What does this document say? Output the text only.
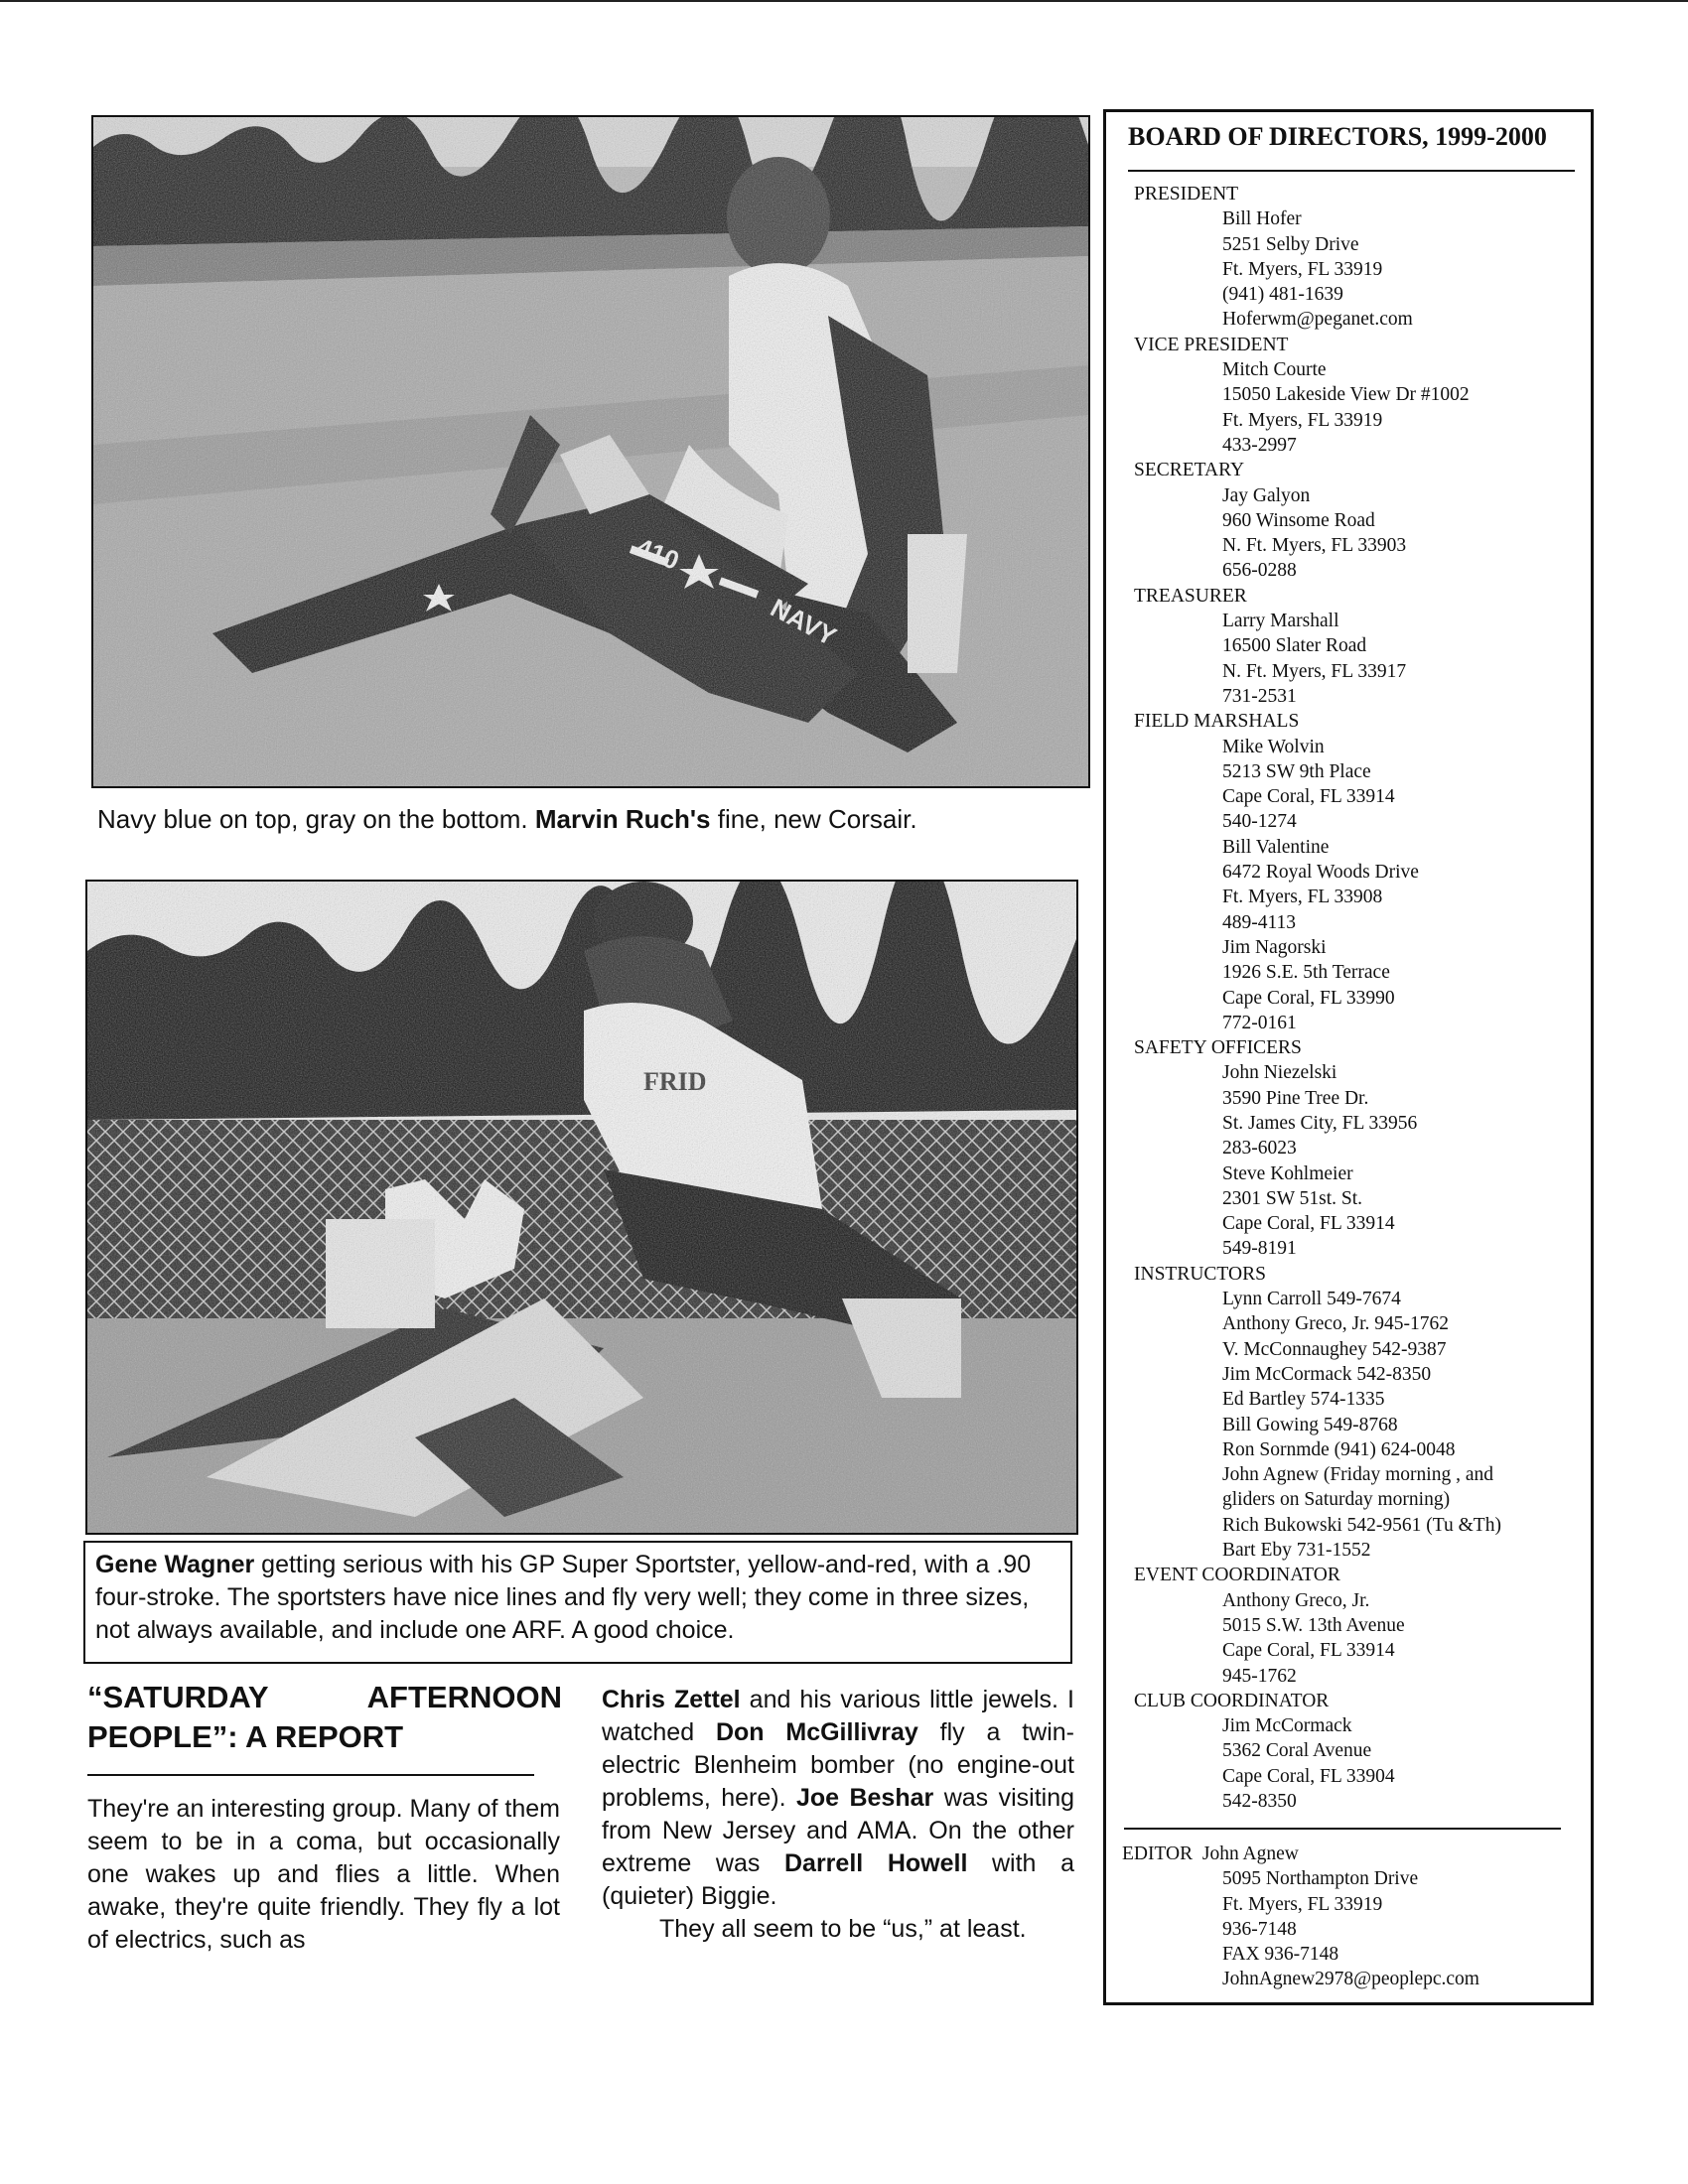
Navy blue on top, gray on the bottom. Marvin Ruch's fine, new Corsair.
Gene Wagner getting serious with his GP Super Sportster, yellow-and-red, with a .90 four-stroke. The sportsters have nice lines and fly very well; they come in three sizes, not always available, and include one ARF. A good choice.
“SATURDAY AFTERNOON
PEOPLE”: A REPORT
They're an interesting group. Many of them seem to be in a coma, but occasionally one wakes up and flies a little. When awake, they're quite friendly. They fly a lot of electrics, such as
Chris Zettel and his various little jewels. I watched Don McGillivray fly a twin-electric Blenheim bomber (no engine-out problems, here). Joe Beshar was visiting from New Jersey and AMA. On the other extreme was Darrell Howell with a (quieter) Biggie.
They all seem to be “us,” at least.
BOARD OF DIRECTORS, 1999-2000
PRESIDENT
Bill Hofer
5251 Selby Drive
Ft. Myers, FL 33919
(941) 481-1639
Hoferwm@peganet.com
VICE PRESIDENT
Mitch Courte
15050 Lakeside View Dr #1002
Ft. Myers, FL 33919
433-2997
SECRETARY
Jay Galyon
960 Winsome Road
N. Ft. Myers, FL 33903
656-0288
TREASURER
Larry Marshall
16500 Slater Road
N. Ft. Myers, FL 33917
731-2531
FIELD MARSHALS
Mike Wolvin
5213 SW 9th Place
Cape Coral, FL 33914
540-1274
Bill Valentine
6472 Royal Woods Drive
Ft. Myers, FL 33908
489-4113
Jim Nagorski
1926 S.E. 5th Terrace
Cape Coral, FL 33990
772-0161
SAFETY OFFICERS
John Niezelski
3590 Pine Tree Dr.
St. James City, FL 33956
283-6023
Steve Kohlmeier
2301 SW 51st. St.
Cape Coral, FL 33914
549-8191
INSTRUCTORS
Lynn Carroll 549-7674
Anthony Greco, Jr. 945-1762
V. McConnaughey 542-9387
Jim McCormack 542-8350
Ed Bartley 574-1335
Bill Gowing 549-8768
Ron Sornmde (941) 624-0048
John Agnew (Friday morning , and
gliders on Saturday morning)
Rich Bukowski 542-9561 (Tu &Th)
Bart Eby 731-1552
EVENT COORDINATOR
Anthony Greco, Jr.
5015 S.W. 13th Avenue
Cape Coral, FL 33914
945-1762
CLUB COORDINATOR
Jim McCormack
5362 Coral Avenue
Cape Coral, FL 33904
542-8350
EDITOR John Agnew
5095 Northampton Drive
Ft. Myers, FL 33919
936-7148
FAX 936-7148
JohnAgnew2978@peoplepc.com
